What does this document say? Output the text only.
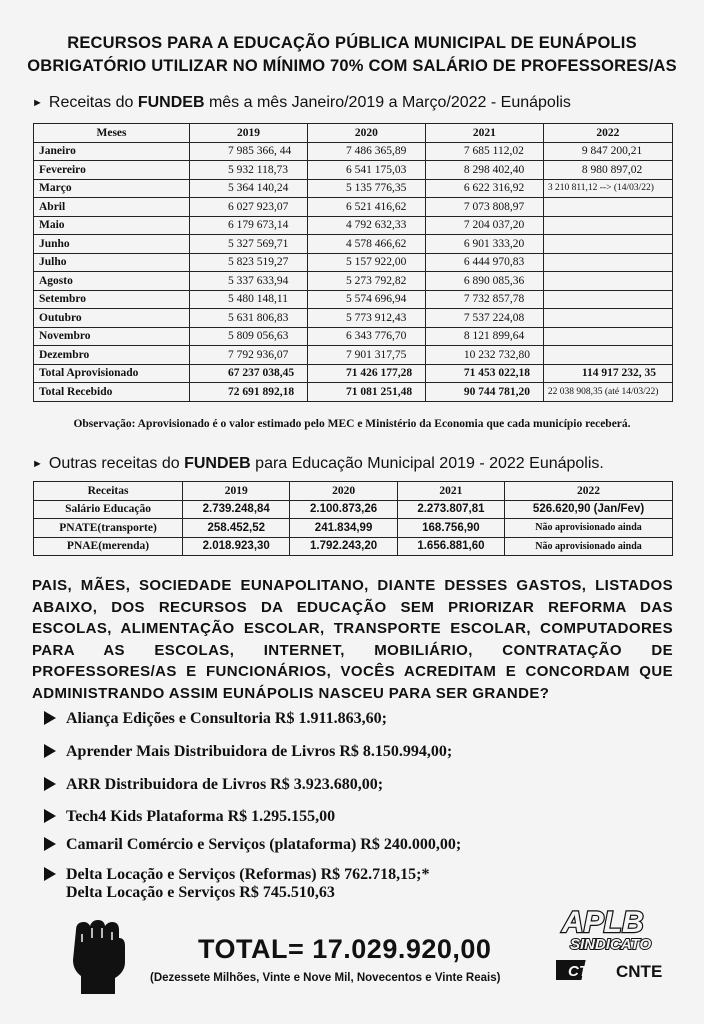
RECURSOS PARA A EDUCAÇÃO PÚBLICA MUNICIPAL DE EUNÁPOLIS
OBRIGATÓRIO UTILIZAR NO MÍNIMO 70% COM SALÁRIO DE PROFESSORES/AS
► Receitas do FUNDEB mês a mês Janeiro/2019 a Março/2022 - Eunápolis
Meses	2019	2020	2021	2022
Janeiro	7 985 366, 44	7 486 365,89	7 685 112,02	9 847 200,21
Fevereiro	5 932 118,73	6 541 175,03	8 298 402,40	8 980 897,02
Março	5 364 140,24	5 135 776,35	6 622 316,92	3 210 811,12 --> (14/03/22)
Abril	6 027 923,07	6 521 416,62	7 073 808,97	
Maio	6 179 673,14	4 792 632,33	7 204 037,20	
Junho	5 327 569,71	4 578 466,62	6 901 333,20	
Julho	5 823 519,27	5 157 922,00	6 444 970,83	
Agosto	5 337 633,94	5 273 792,82	6 890 085,36	
Setembro	5 480 148,11	5 574 696,94	7 732 857,78	
Outubro	5 631 806,83	5 773 912,43	7 537 224,08	
Novembro	5 809 056,63	6 343 776,70	8 121 899,64	
Dezembro	7 792 936,07	7 901 317,75	10 232 732,80	
Total Aprovisionado	67 237 038,45	71 426 177,28	71 453 022,18	114 917 232, 35
Total Recebido	72 691 892,18	71 081 251,48	90 744 781,20	22 038 908,35 (até 14/03/22)
Observação: Aprovisionado é o valor estimado pelo MEC e Ministério da Economia que cada município receberá.
► Outras receitas do FUNDEB para Educação Municipal 2019 - 2022 Eunápolis.
Receitas	2019	2020	2021	2022
Salário Educação	2.739.248,84	2.100.873,26	2.273.807,81	526.620,90 (Jan/Fev)
PNATE(transporte)	258.452,52	241.834,99	168.756,90	Não aprovisionado ainda
PNAE(merenda)	2.018.923,30	1.792.243,20	1.656.881,60	Não aprovisionado ainda
PAIS, MÃES, SOCIEDADE EUNAPOLITANO, DIANTE DESSES GASTOS, LISTADOS ABAIXO, DOS RECURSOS DA EDUCAÇÃO SEM PRIORIZAR REFORMA DAS ESCOLAS, ALIMENTAÇÃO ESCOLAR, TRANSPORTE ESCOLAR, COMPUTADORES PARA AS ESCOLAS, INTERNET, MOBILIÁRIO, CONTRATAÇÃO DE PROFESSORES/AS E FUNCIONÁRIOS, VOCÊS ACREDITAM E CONCORDAM QUE ADMINISTRANDO ASSIM EUNÁPOLIS NASCEU PARA SER GRANDE?
Aliança Edições e Consultoria R$ 1.911.863,60;
Aprender Mais Distribuidora de Livros R$ 8.150.994,00;
ARR Distribuidora de Livros R$ 3.923.680,00;
Tech4 Kids Plataforma R$ 1.295.155,00
Camaril Comércio e Serviços (plataforma) R$ 240.000,00;
Delta Locação e Serviços (Reformas) R$ 762.718,15;*
Delta Locação e Serviços R$ 745.510,63
TOTAL= 17.029.920,00
(Dezessete Milhões, Vinte e Nove Mil, Novecentos e Vinte Reais)
APLB
SINDICATO
CTB CNTE
